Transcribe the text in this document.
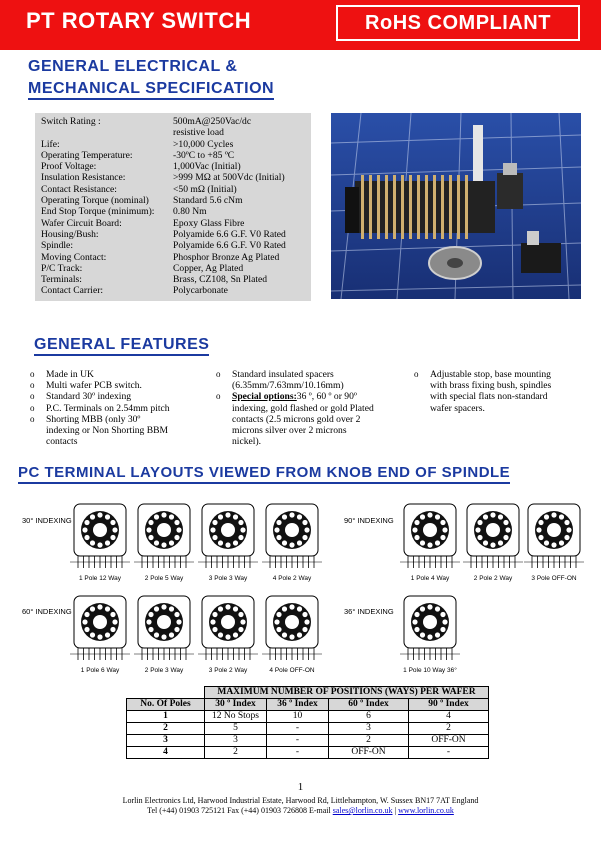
PT ROTARY SWITCH	RoHS COMPLIANT
GENERAL ELECTRICAL &
MECHANICAL SPECIFICATION
Switch Rating :	500mA@250Vac/dc
resistive load
Life:	>10,000 Cycles
Operating Temperature:	-30ºC to +85 ºC
Proof Voltage:	1,000Vac (Initial)
Insulation Resistance:	>999 MΩ at 500Vdc (Initial)
Contact Resistance:	<50 mΩ (Initial)
Operating Torque (nominal)	Standard 5.6 cNm
End Stop Torque (minimum):	0.80 Nm
Wafer Circuit Board:	Epoxy Glass Fibre
Housing/Bush:	Polyamide 6.6 G.F. V0 Rated
Spindle:	Polyamide 6.6 G.F. V0 Rated
Moving Contact:	Phosphor Bronze Ag Plated
P/C Track:	Copper, Ag Plated
Terminals:	Brass, CZ108, Sn Plated
Contact Carrier:	Polycarbonate
GENERAL FEATURES
o Made in UK
o Multi wafer PCB switch.
o Standard 30º indexing
o P.C. Terminals on 2.54mm pitch
o Shorting MBB (only 30º
indexing or Non Shorting BBM
contacts
o Standard insulated spacers
(6.35mm/7.63mm/10.16mm)
o Special options:36 º, 60 º or 90º
indexing, gold flashed or gold Plated
contacts (2.5 microns gold over 2
microns silver over 2 microns
nickel).
o Adjustable stop, base mounting
with brass fixing bush, spindles
with special flats non-standard
wafer spacers.
PC TERMINAL LAYOUTS VIEWED FROM KNOB END OF SPINDLE
30° INDEXING
1 Pole 12 Way	2 Pole 5 Way	3 Pole 3 Way	4 Pole 2 Way
90° INDEXING
1 Pole 4 Way	2 Pole 2 Way	3 Pole OFF-ON
60° INDEXING
1 Pole 6 Way	2 Pole 3 Way	3 Pole 2 Way	4 Pole OFF-ON
36° INDEXING
1 Pole 10 Way 36°
	MAXIMUM NUMBER OF POSITIONS (WAYS) PER WAFER			
No. Of Poles	30 º Index	36 º Index	60 º Index	90 º Index
1	12 No Stops	10	6	4
2	5	-	3	2
3	3	-	2	OFF-ON
4	2	-	OFF-ON	-
1
Lorlin Electronics Ltd, Harwood Industrial Estate, Harwood Rd, Littlehampton, W. Sussex BN17 7AT England
Tel (+44) 01903 725121 Fax (+44) 01903 726808 E-mail sales@lorlin.co.uk | www.lorlin.co.uk
